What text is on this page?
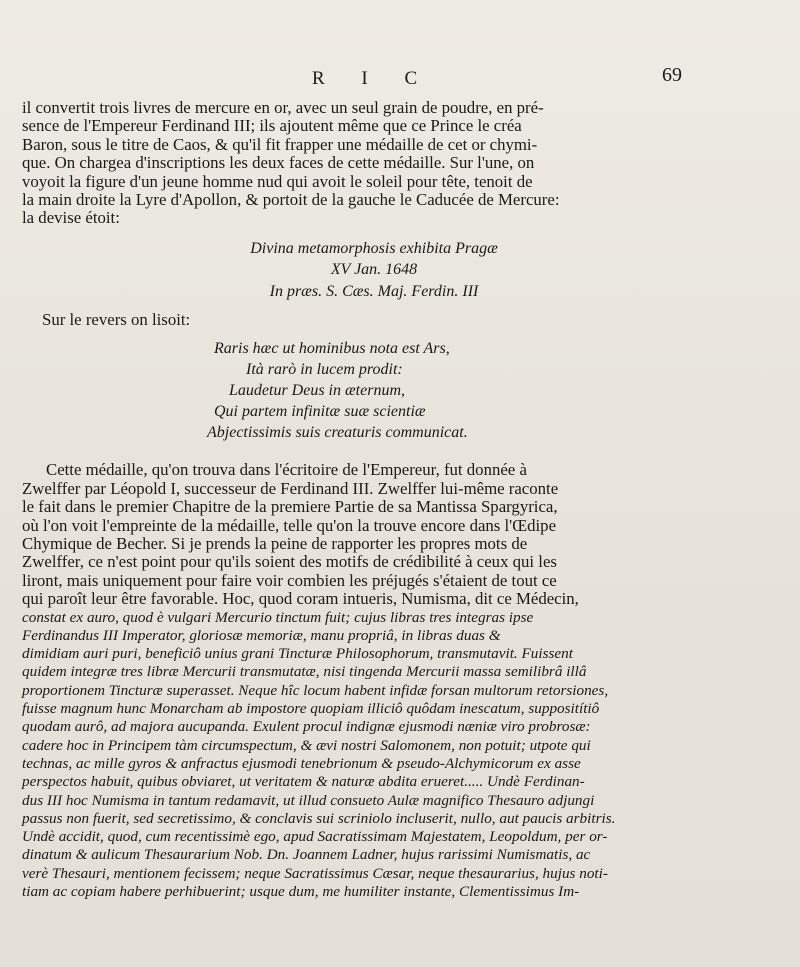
R I C	69

il convertit trois livres de mercure en or, avec un seul grain de poudre, en pré-
sence de l'Empereur Ferdinand III; ils ajoutent même que ce Prince le créa
Baron, sous le titre de Caos, & qu'il fit frapper une médaille de cet or chymi-
que. On chargea d'inscriptions les deux faces de cette médaille. Sur l'une, on
voyoit la figure d'un jeune homme nud qui avoit le soleil pour tête, tenoit de
la main droite la Lyre d'Apollon, & portoit de la gauche le Caducée de Mercure:
la devise étoit:

Divina metamorphosis exhibita Pragæ
XV Jan. 1648
In præs. S. Cæs. Maj. Ferdin. III
Sur le revers on lisoit:
Raris hæc ut hominibus nota est Ars,
Ità rarò in lucem prodit:
Laudetur Deus in æternum,
Qui partem infinitæ suæ scientiæ
Abjectissimis suis creaturis communicat.

Cette médaille, qu'on trouva dans l'écritoire de l'Empereur, fut donnée à
Zwelffer par Léopold I, successeur de Ferdinand III. Zwelffer lui-même raconte
le fait dans le premier Chapitre de la premiere Partie de sa Mantissa Spargyrica,
où l'on voit l'empreinte de la médaille, telle qu'on la trouve encore dans l'Œdipe
Chymique de Becher. Si je prends la peine de rapporter les propres mots de
Zwelffer, ce n'est point pour qu'ils soient des motifs de crédibilité à ceux qui les
liront, mais uniquement pour faire voir combien les préjugés s'étaient de tout ce
qui paroît leur être favorable. Hoc, quod coram intueris, Numisma, dit ce Médecin,

constat ex auro, quod è vulgari Mercurio tinctum fuit; cujus libras tres integras ipse
Ferdinandus III Imperator, gloriosæ memoriæ, manu propriâ, in libras duas &
dimidiam auri puri, beneficiô unius grani Tincturæ Philosophorum, transmutavit. Fuissent
quidem integræ tres libræ Mercurii transmutatæ, nisi tingenda Mercurii massa semilibrâ illâ
proportionem Tincturæ superasset. Neque hîc locum habent infidæ forsan multorum retorsiones,
fuisse magnum hunc Monarcham ab impostore quopiam illiciô quôdam inescatum, suppositítiô
quodam aurô, ad majora aucupanda. Exulent procul indignæ ejusmodi næniæ viro probrosæ:
cadere hoc in Principem tàm circumspectum, & ævi nostri Salomonem, non potuit; utpote qui
technas, ac mille gyros & anfractus ejusmodi tenebrionum & pseudo-Alchymicorum ex asse
perspectos habuit, quibus obviaret, ut veritatem & naturæ abdita erueret..... Undè Ferdinan-
dus III hoc Numisma in tantum redamavit, ut illud consueto Aulæ magnifico Thesauro adjungi
passus non fuerit, sed secretissimo, & conclavis sui scriniolo incluserit, nullo, aut paucis arbitris.
Undè accidit, quod, cum recentissimè ego, apud Sacratissimam Majestatem, Leopoldum, per or-
dinatum & aulicum Thesaurarium Nob. Dn. Joannem Ladner, hujus rarissimi Numismatis, ac
verè Thesauri, mentionem fecissem; neque Sacratissimus Cæsar, neque thesaurarius, hujus noti-
tiam ac copiam habere perhibuerint; usque dum, me humiliter instante, Clementissimus Im-
